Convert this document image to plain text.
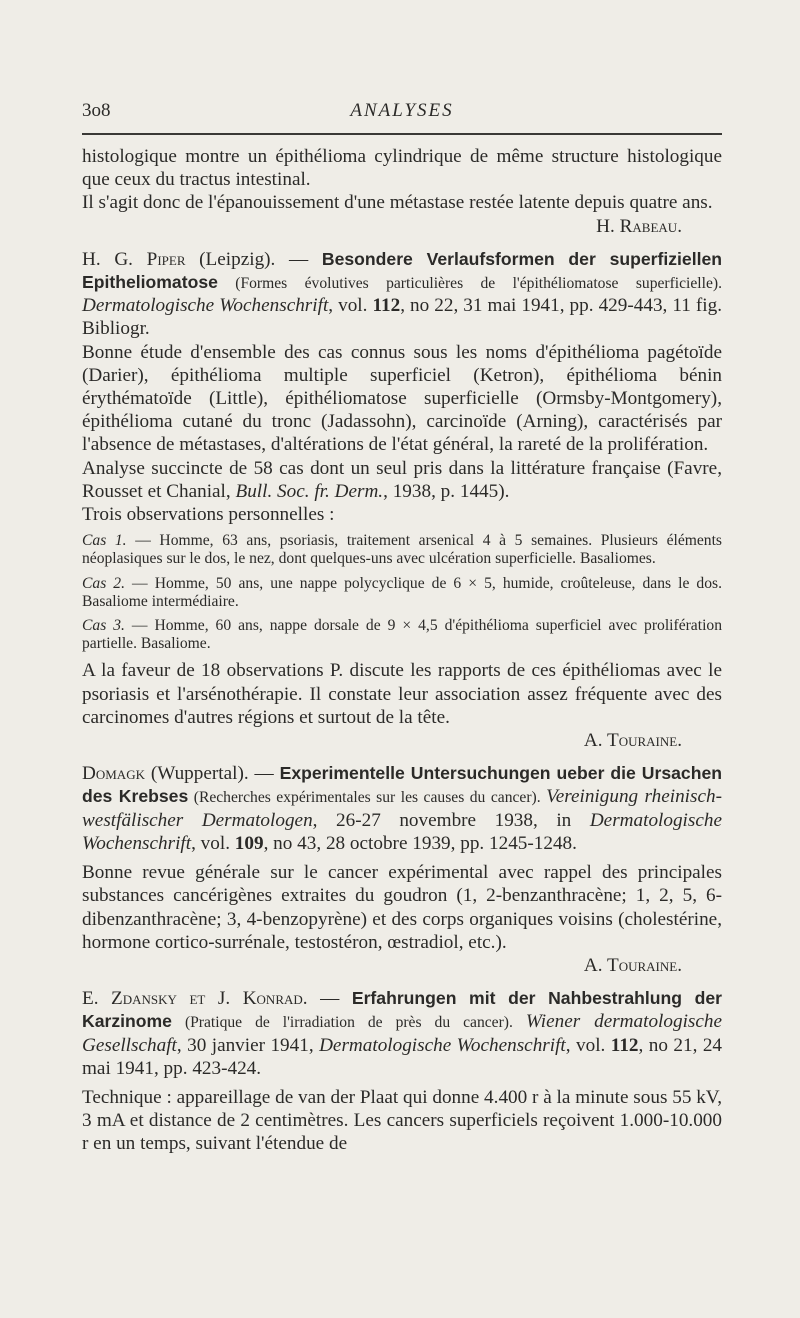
3o8	ANALYSES

histologique montre un épithélioma cylindrique de même structure histologique que ceux du tractus intestinal.

Il s'agit donc de l'épanouissement d'une métastase restée latente depuis quatre ans.

H. Rabeau.

H. G. Piper (Leipzig). — Besondere Verlaufsformen der superfiziellen Epitheliomatose (Formes évolutives particulières de l'épithéliomatose superficielle). Dermatologische Wochenschrift, vol. 112, no 22, 31 mai 1941, pp. 429-443, 11 fig. Bibliogr.

Bonne étude d'ensemble des cas connus sous les noms d'épithélioma pagétoïde (Darier), épithélioma multiple superficiel (Ketron), épithélioma bénin érythématoïde (Little), épithéliomatose superficielle (Ormsby-Montgomery), épithélioma cutané du tronc (Jadassohn), carcinoïde (Arning), caractérisés par l'absence de métastases, d'altérations de l'état général, la rareté de la prolifération.

Analyse succincte de 58 cas dont un seul pris dans la littérature française (Favre, Rousset et Chanial, Bull. Soc. fr. Derm., 1938, p. 1445).

Trois observations personnelles :

Cas 1. — Homme, 63 ans, psoriasis, traitement arsenical 4 à 5 semaines. Plusieurs éléments néoplasiques sur le dos, le nez, dont quelques-uns avec ulcération superficielle. Basaliomes.

Cas 2. — Homme, 50 ans, une nappe polycyclique de 6 × 5, humide, croûteleuse, dans le dos. Basaliome intermédiaire.

Cas 3. — Homme, 60 ans, nappe dorsale de 9 × 4,5 d'épithélioma superficiel avec prolifération partielle. Basaliome.

A la faveur de 18 observations P. discute les rapports de ces épithéliomas avec le psoriasis et l'arsénothérapie. Il constate leur association assez fréquente avec des carcinomes d'autres régions et surtout de la tête.

A. Touraine.

Domagk (Wuppertal). — Experimentelle Untersuchungen ueber die Ursachen des Krebses (Recherches expérimentales sur les causes du cancer). Vereinigung rheinisch-westfälischer Dermatologen, 26-27 novembre 1938, in Dermatologische Wochenschrift, vol. 109, no 43, 28 octobre 1939, pp. 1245-1248.

Bonne revue générale sur le cancer expérimental avec rappel des principales substances cancérigènes extraites du goudron (1, 2-benzanthracène; 1, 2, 5, 6-dibenzanthracène; 3, 4-benzopyrène) et des corps organiques voisins (cholestérine, hormone cortico-surrénale, testostéron, œstradiol, etc.).

A. Touraine.

E. Zdansky et J. Konrad. — Erfahrungen mit der Nahbestrahlung der Karzinome (Pratique de l'irradiation de près du cancer). Wiener dermatologische Gesellschaft, 30 janvier 1941, Dermatologische Wochenschrift, vol. 112, no 21, 24 mai 1941, pp. 423-424.

Technique : appareillage de van der Plaat qui donne 4.400 r à la minute sous 55 kV, 3 mA et distance de 2 centimètres. Les cancers superficiels reçoivent 1.000-10.000 r en un temps, suivant l'étendue de
